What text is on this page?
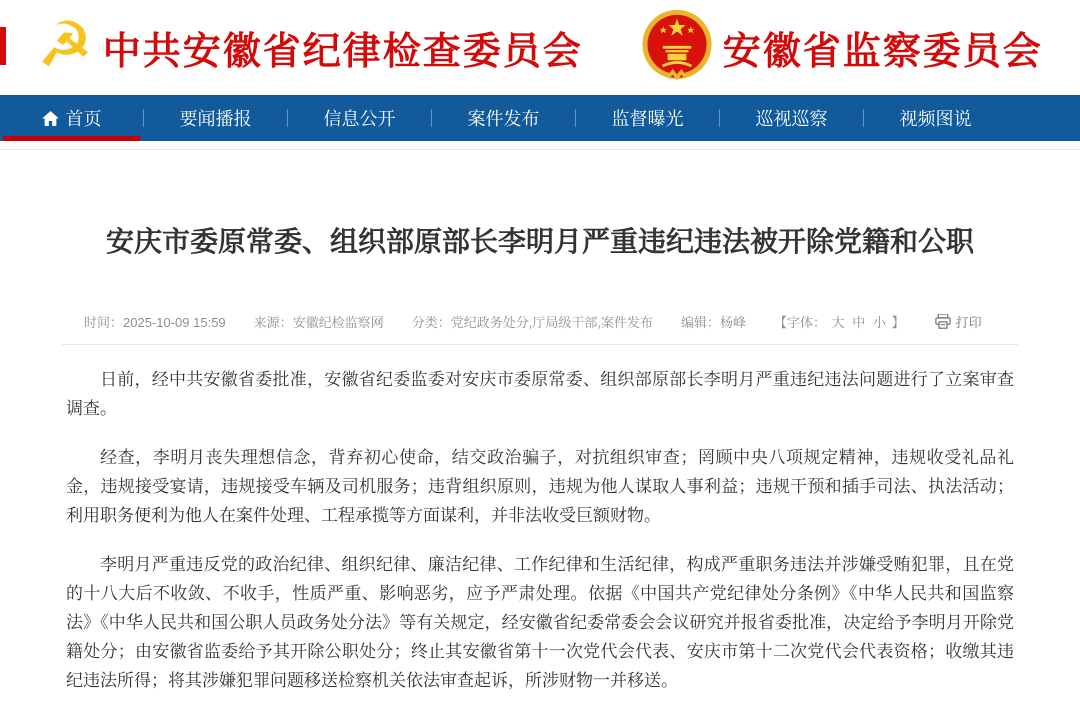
☭ 中共安徽省纪律检查委员会	安徽省监察委员会
首页	要闻播报	信息公开	案件发布	监督曝光	巡视巡察	视频图说
安庆市委原常委、组织部原部长李明月严重违纪违法被开除党籍和公职
时间：2025-10-09 15:59 来源：安徽纪检监察网 分类：党纪政务处分,厅局级干部,案件发布 编辑：杨峰 【字体： 大 中 小 】	打印

日前，经中共安徽省委批准，安徽省纪委监委对安庆市委原常委、组织部原部长李明月严重违纪违法问题进行了立案审查调查。

经查，李明月丧失理想信念，背弃初心使命，结交政治骗子，对抗组织审查；罔顾中央八项规定精神，违规收受礼品礼金，违规接受宴请，违规接受车辆及司机服务；违背组织原则，违规为他人谋取人事利益；违规干预和插手司法、执法活动；利用职务便利为他人在案件处理、工程承揽等方面谋利，并非法收受巨额财物。

李明月严重违反党的政治纪律、组织纪律、廉洁纪律、工作纪律和生活纪律，构成严重职务违法并涉嫌受贿犯罪，且在党的十八大后不收敛、不收手，性质严重、影响恶劣，应予严肃处理。依据《中国共产党纪律处分条例》《中华人民共和国监察法》《中华人民共和国公职人员政务处分法》等有关规定，经安徽省纪委常委会会议研究并报省委批准，决定给予李明月开除党籍处分；由安徽省监委给予其开除公职处分；终止其安徽省第十一次党代会代表、安庆市第十二次党代会代表资格；收缴其违纪违法所得；将其涉嫌犯罪问题移送检察机关依法审查起诉，所涉财物一并移送。
